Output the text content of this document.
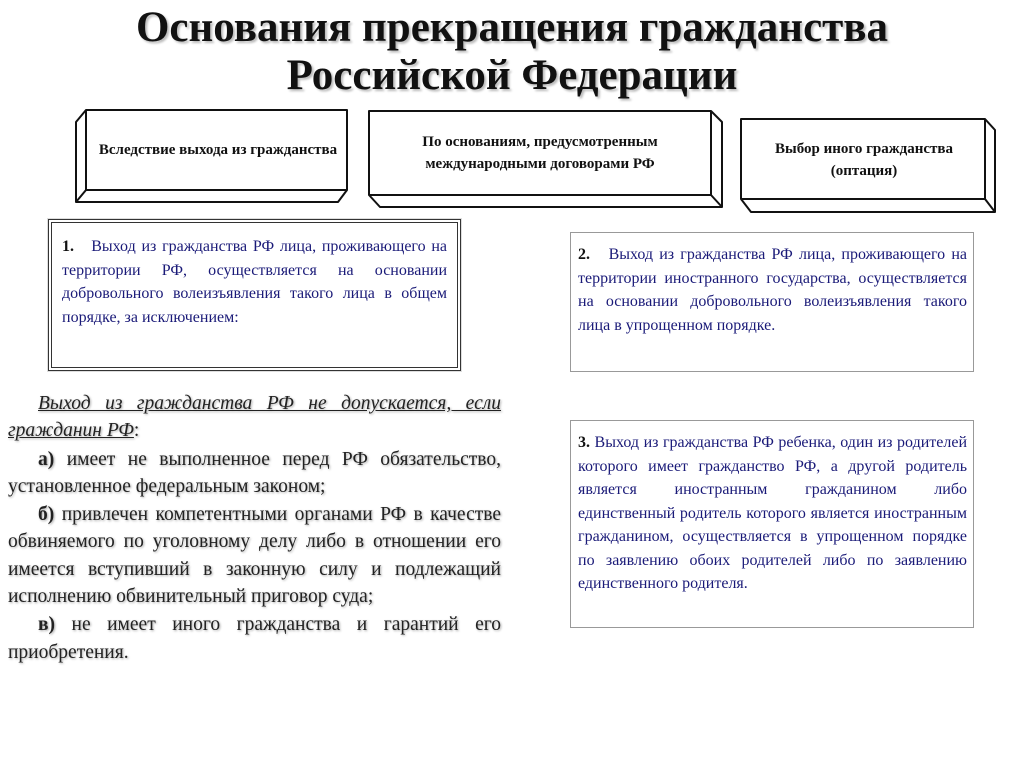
Основания прекращения гражданства
Российской Федерации
Вследствие выхода из гражданства	По основаниям, предусмотренным международными договорами РФ
Выбор иного гражданства (оптация)
1. Выход из гражданства РФ лица, проживающего на территории РФ, осуществляется на основании добровольного волеизъявления такого лица в общем порядке, за исключением:
2. Выход из гражданства РФ лица, проживающего на территории иностранного государства, осуществляется на основании добровольного волеизъявления такого лица в упрощенном порядке.
3. Выход из гражданства РФ ребенка, один из родителей которого имеет гражданство РФ, а другой родитель является иностранным гражданином либо единственный родитель которого является иностранным гражданином, осуществляется в упрощенном порядке по заявлению обоих родителей либо по заявлению единственного родителя.

Выход из гражданства РФ не допускается, если гражданин РФ:

а) имеет не выполненное перед РФ обязательство, установленное федеральным законом;

б) привлечен компетентными органами РФ в качестве обвиняемого по уголовному делу либо в отношении его имеется вступивший в законную силу и подлежащий исполнению обвинительный приговор суда;

в) не имеет иного гражданства и гарантий его приобретения.
